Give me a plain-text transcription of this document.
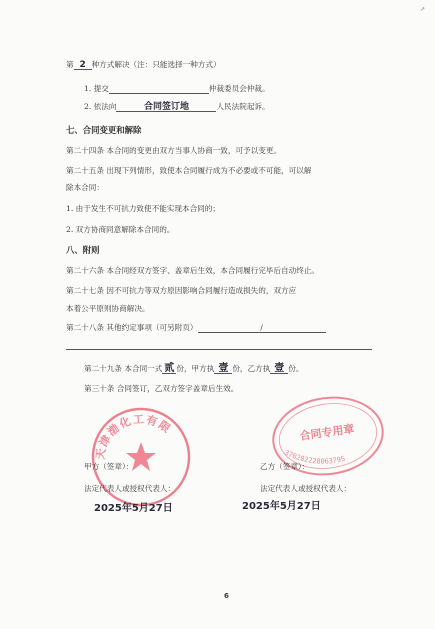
↗
第 2 种方式解决（注：只能选择一种方式）
1. 提交	仲裁委员会仲裁。
2. 依法向	合同签订地	人民法院起诉。
七、合同变更和解除
第二十四条 本合同的变更由双方当事人协商一致，可予以变更。
第二十五条 出现下列情形，致使本合同履行成为不必要或不可能，可以解
除本合同：
1. 由于发生不可抗力致使不能实现本合同的；
2. 双方协商同意解除本合同的。
八、附则
第二十六条 本合同经双方签字、盖章后生效，本合同履行完毕后自动终止。
第二十七条 因不可抗力等双方原因影响合同履行造成损失的，双方应
本着公平原则协商解决。
第二十八条 其他约定事项（可另附页）	/
第二十九条 本合同一式 贰 份，甲方执 壹 份，乙方执 壹 份。
第三十条 合同签订，乙双方签字盖章后生效。
天津渤化工有限	合同专用章
37020222806379S
甲方（签章）：	乙方（签章）：
法定代表人或授权代表人：	法定代表人或授权代表人：
2025年5月27日	2025年5月27日
6
